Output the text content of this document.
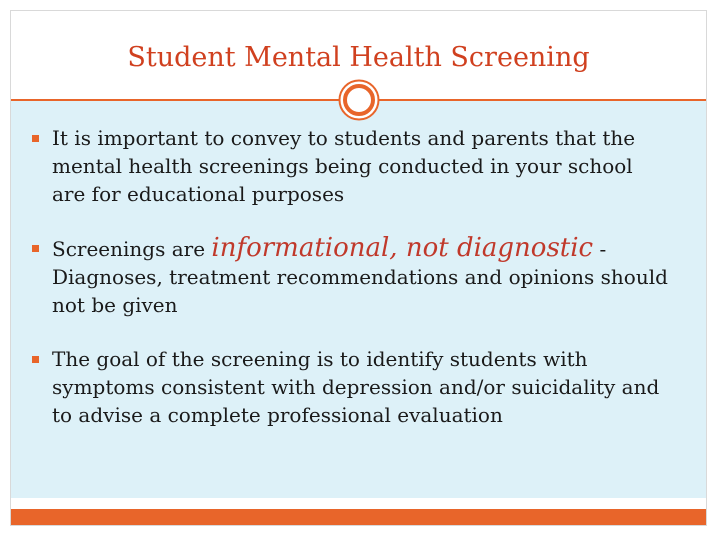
Student Mental Health Screening
It is important to convey to students and parents that the mental health screenings being conducted in your school are for educational purposes
Screenings are informational, not diagnostic - Diagnoses, treatment recommendations and opinions should not be given
The goal of the screening is to identify students with symptoms consistent with depression and/or suicidality and to advise a complete professional evaluation
